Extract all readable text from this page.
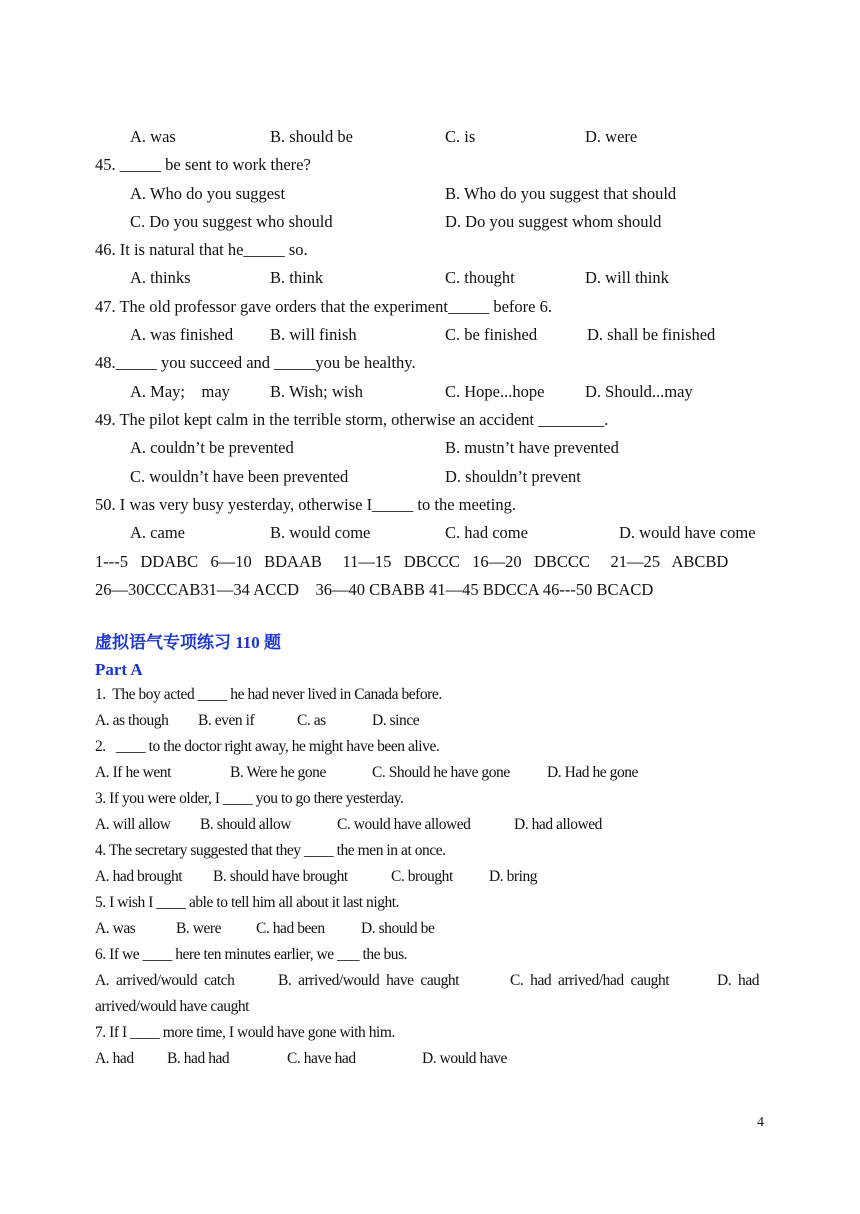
A. was	B. should be	C. is	D. were
45. _____ be sent to work there?
A. Who do you suggest	B. Who do you suggest that should
C. Do you suggest who should	D. Do you suggest whom should
46. It is natural that he_____ so.
A. thinks	B. think	C. thought	D. will think
47. The old professor gave orders that the experiment_____ before 6.
A. was finished B. will finish	C. be finished	D. shall be finished
48._____ you succeed and _____you be healthy.
A. May;    may B. Wish; wish	C. Hope...hope D. Should...may
49. The pilot kept calm in the terrible storm, otherwise an accident ________.
A. couldn’t be prevented	B. mustn’t have prevented
C. wouldn’t have been prevented	D. shouldn’t prevent
50. I was very busy yesterday, otherwise I_____ to the meeting.
A. came	B. would come	C. had come	D. would have come
1---5   DDABC   6—10   BDAAB     11—15   DBCCC   16—20   DBCCC     21—25   ABCBD
26—30CCCAB31—34 ACCD    36—40 CBABB 41—45 BDCCA 46---50 BCACD
虚拟语气专项练习 110 题
Part A
1.  The boy acted ____ he had never lived in Canada before.
A. as though B. even if	C. as	D. since
2.   ____ to the doctor right away, he might have been alive.
A. If he went	B. Were he gone	C. Should he have gone D. Had he gone
3. If you were older, I ____ you to go there yesterday.
A. will allow B. should allow	C. would have allowed	D. had allowed
4. The secretary suggested that they ____ the men in at once.
A. had brought B. should have brought	C. brought D. bring
5. I wish I ____ able to tell him all about it last night.
A. was	B. were C. had been D. should be
6. If we ____ here ten minutes earlier, we ___ the bus.
A.  arrived/would  catch	B.  arrived/would  have  caught	C.  had  arrived/had  caught	D.  had
arrived/would have caught
7. If I ____ more time, I would have gone with him.
A. had B. had had	C. have had	D. would have
4
